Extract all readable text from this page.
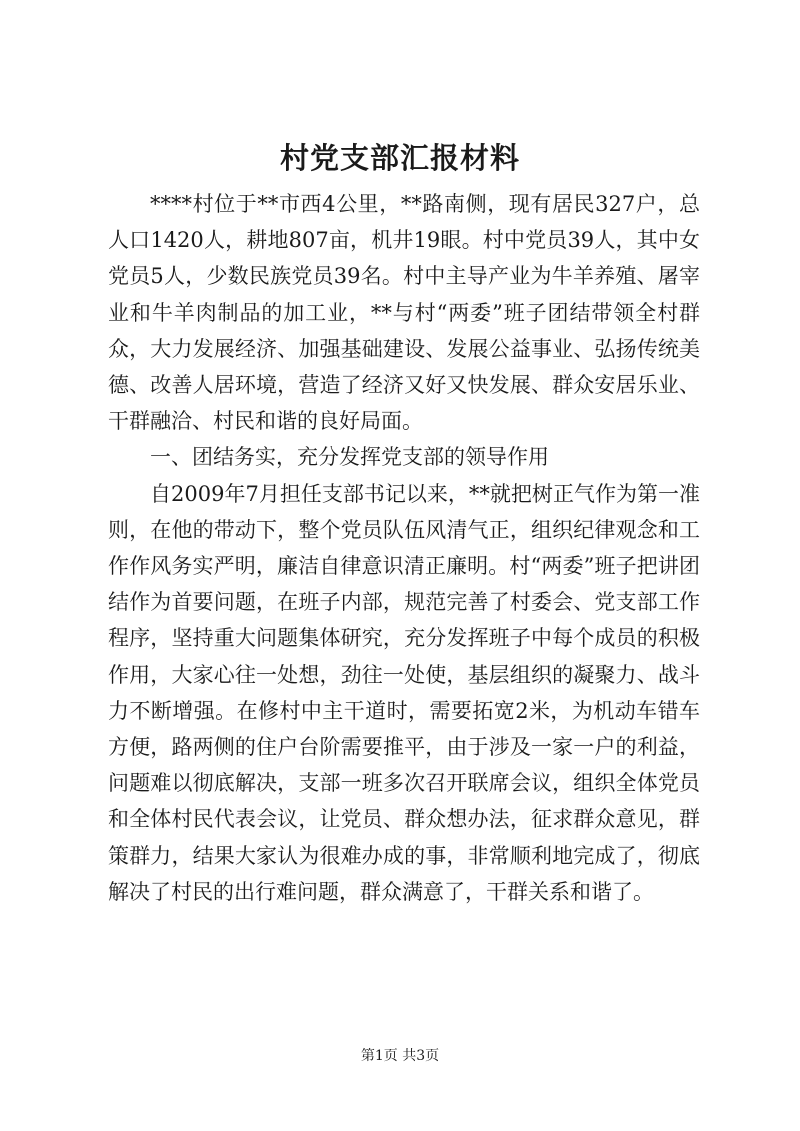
村党支部汇报材料

****村位于**市西4公里，**路南侧，现有居民327户，总人口1420人，耕地807亩，机井19眼。村中党员39人，其中女党员5人，少数民族党员39名。村中主导产业为牛羊养殖、屠宰业和牛羊肉制品的加工业，**与村“两委”班子团结带领全村群众，大力发展经济、加强基础建设、发展公益事业、弘扬传统美德、改善人居环境，营造了经济又好又快发展、群众安居乐业、干群融洽、村民和谐的良好局面。

一、团结务实，充分发挥党支部的领导作用

自2009年7月担任支部书记以来，**就把树正气作为第一准则，在他的带动下，整个党员队伍风清气正，组织纪律观念和工作作风务实严明，廉洁自律意识清正廉明。村“两委”班子把讲团结作为首要问题，在班子内部，规范完善了村委会、党支部工作程序，坚持重大问题集体研究，充分发挥班子中每个成员的积极作用，大家心往一处想，劲往一处使，基层组织的凝聚力、战斗力不断增强。在修村中主干道时，需要拓宽2米，为机动车错车方便，路两侧的住户台阶需要推平，由于涉及一家一户的利益，问题难以彻底解决，支部一班多次召开联席会议，组织全体党员和全体村民代表会议，让党员、群众想办法，征求群众意见，群策群力，结果大家认为很难办成的事，非常顺利地完成了，彻底解决了村民的出行难问题，群众满意了，干群关系和谐了。

第1页 共3页
